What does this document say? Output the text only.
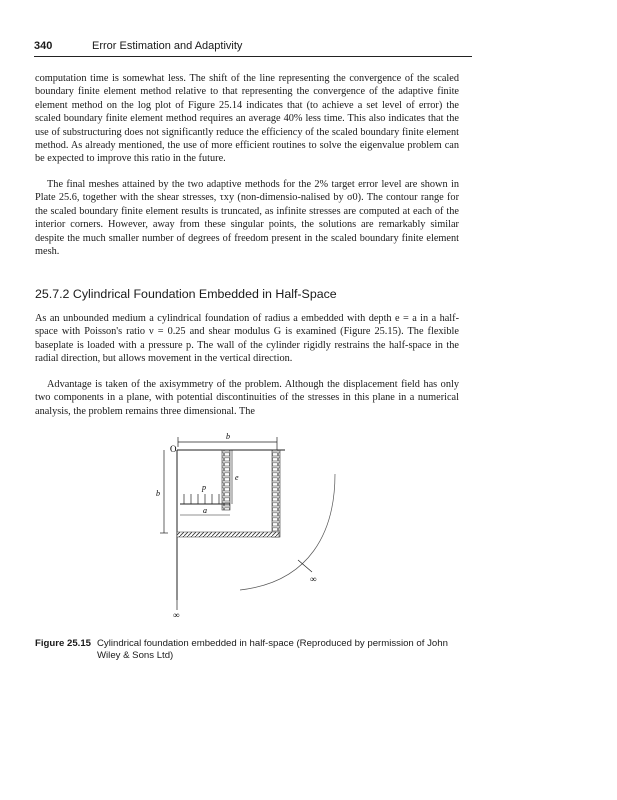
340	Error Estimation and Adaptivity

computation time is somewhat less. The shift of the line representing the convergence of the scaled boundary finite element method relative to that representing the convergence of the adaptive finite element method on the log plot of Figure 25.14 indicates that (to achieve a set level of error) the scaled boundary finite element method requires an average 40% less time. This also indicates that the use of substructuring does not significantly reduce the efficiency of the scaled boundary finite element method. As already mentioned, the use of more efficient routines to solve the eigenvalue problem can be expected to improve this ratio in the future.

The final meshes attained by the two adaptive methods for the 2% target error level are shown in Plate 25.6, together with the shear stresses, τxy (non-dimensio-nalised by σ0). The contour range for the scaled boundary finite element results is truncated, as infinite stresses are computed at each of the interior corners. However, away from these singular points, the solutions are remarkably similar despite the much smaller number of degrees of freedom present in the scaled boundary finite element mesh.

25.7.2 Cylindrical Foundation Embedded in Half-Space

As an unbounded medium a cylindrical foundation of radius a embedded with depth e = a in a half-space with Poisson's ratio ν = 0.25 and shear modulus G is examined (Figure 25.15). The flexible baseplate is loaded with a pressure p. The wall of the cylinder rigidly restrains the half-space in the radial direction, but allows movement in the vertical direction.

Advantage is taken of the axisymmetry of the problem. Although the displacement field has only two components in a plane, with potential discontinuities of the stresses in this plane in a numerical analysis, the problem remains three dimensional. The

b
O
b
e
p
a
∞
∞
Figure 25.15 Cylindrical foundation embedded in half-space (Reproduced by permission of John Wiley & Sons Ltd)
